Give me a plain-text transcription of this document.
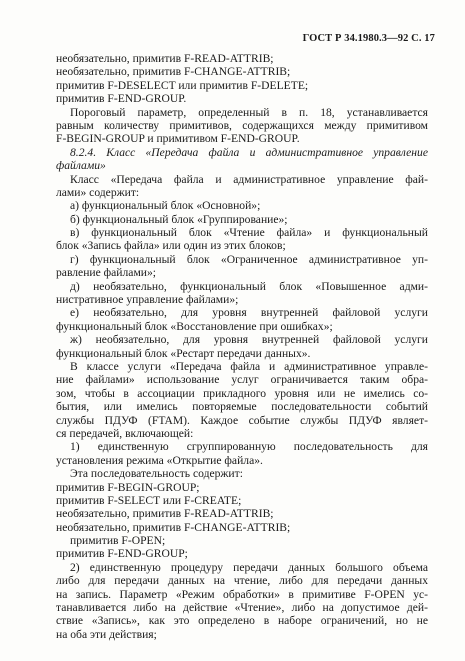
ГОСТ Р 34.1980.3—92 С. 17
необязательно, примитив F-READ-ATTRIB;
необязательно, примитив F-CHANGE-ATTRIB;
примитив F-DESELECT или примитив F-DELETE;
примитив F-END-GROUP.
Пороговый параметр, определенный в п. 18, устанавливается
равным количеству примитивов, содержащихся между примитивом
F-BEGIN-GROUP и примитивом F-END-GROUP.
8.2.4. Класс «Передача файла и административное управление
файлами»
Класс «Передача файла и административное управление фай-
лами» содержит:
а) функциональный блок «Основной»;
б) функциональный блок «Группирование»;
в) функциональный блок «Чтение файла» и функциональный
блок «Запись файла» или один из этих блоков;
г) функциональный блок «Ограниченное административное уп-
равление файлами»;
д) необязательно, функциональный блок «Повышенное адми-
нистративное управление файлами»;
е) необязательно, для уровня внутренней файловой услуги
функциональный блок «Восстановление при ошибках»;
ж) необязательно, для уровня внутренней файловой услуги
функциональный блок «Рестарт передачи данных».
В классе услуги «Передача файла и административное управле-
ние файлами» использование услуг ограничивается таким обра-
зом, чтобы в ассоциации прикладного уровня или не имелись со-
бытия, или имелись повторяемые последовательности событий
службы ПДУФ (FTAM). Каждое событие службы ПДУФ являет-
ся передачей, включающей:
1) единственную сгруппированную последовательность для
установления режима «Открытие файла».
Эта последовательность содержит:
примитив F-BEGIN-GROUP;
примитив F-SELECT или F-CREATE;
необязательно, примитив F-READ-ATTRIB;
необязательно, примитив F-CHANGE-ATTRIB;
примитив F-OPEN;
примитив F-END-GROUP;
2) единственную процедуру передачи данных большого объема
либо для передачи данных на чтение, либо для передачи данных
на запись. Параметр «Режим обработки» в примитиве F-OPEN ус-
танавливается либо на действие «Чтение», либо на допустимое дей-
ствие «Запись», как это определено в наборе ограничений, но не
на оба эти действия;
